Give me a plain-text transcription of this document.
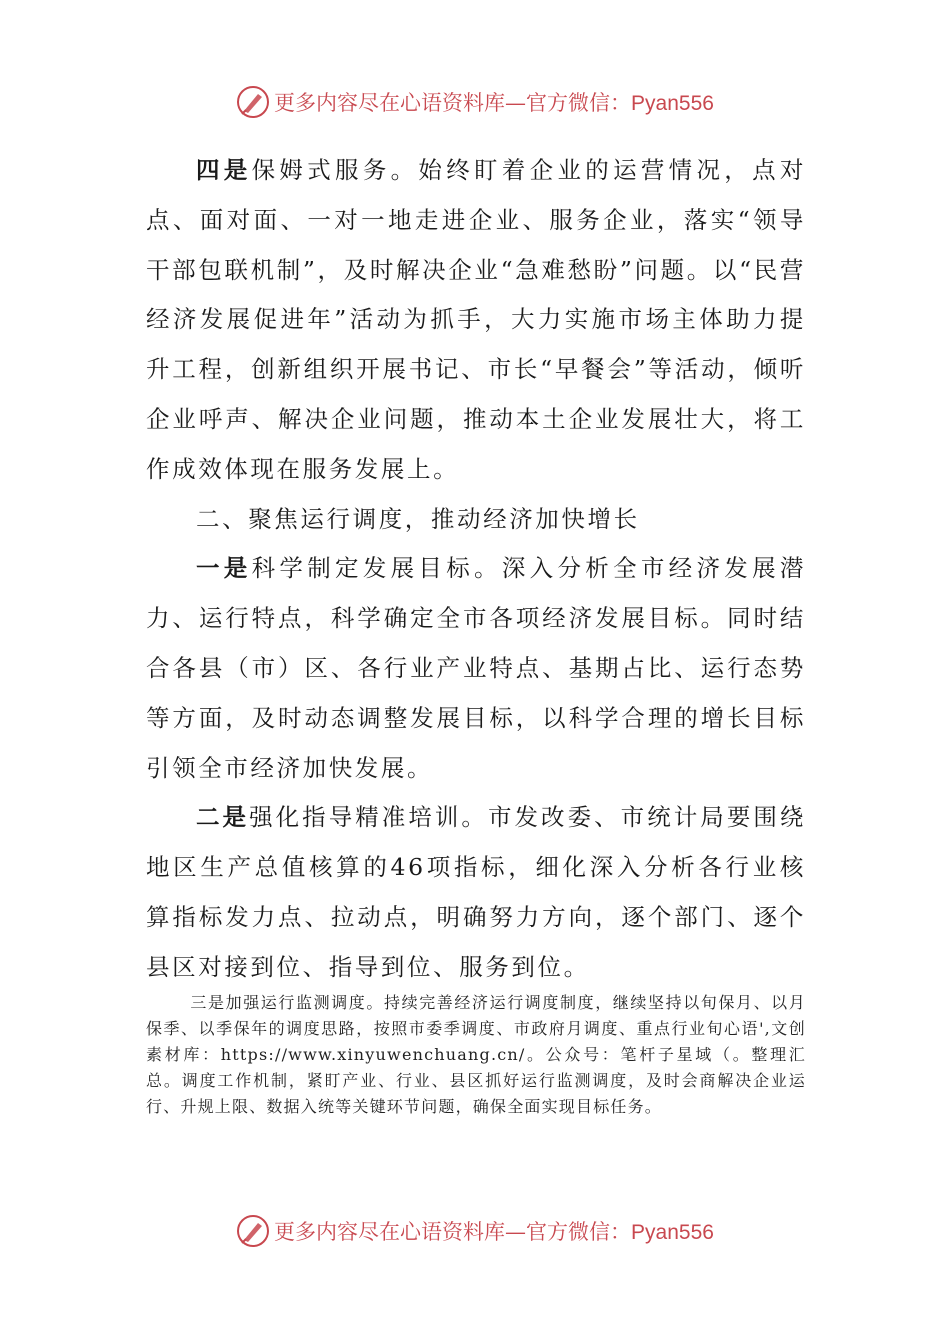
更多内容尽在心语资料库—官方微信：Pyan556

四是保姆式服务。始终盯着企业的运营情况，点对点、面对面、一对一地走进企业、服务企业，落实“领导干部包联机制”，及时解决企业“急难愁盼”问题。以“民营经济发展促进年”活动为抓手，大力实施市场主体助力提升工程，创新组织开展书记、市长“早餐会”等活动，倾听企业呼声、解决企业问题，推动本土企业发展壮大，将工作成效体现在服务发展上。

二、聚焦运行调度，推动经济加快增长

一是科学制定发展目标。深入分析全市经济发展潜力、运行特点，科学确定全市各项经济发展目标。同时结合各县（市）区、各行业产业特点、基期占比、运行态势等方面，及时动态调整发展目标，以科学合理的增长目标引领全市经济加快发展。

二是强化指导精准培训。市发改委、市统计局要围绕地区生产总值核算的46项指标，细化深入分析各行业核算指标发力点、拉动点，明确努力方向，逐个部门、逐个县区对接到位、指导到位、服务到位。

三是加强运行监测调度。持续完善经济运行调度制度，继续坚持以旬保月、以月保季、以季保年的调度思路，按照市委季调度、市政府月调度、重点行业旬心语',文创素材库：https://www.xinyuwenchuang.cn/。公众号：笔杆子星域（。整理汇总。调度工作机制，紧盯产业、行业、县区抓好运行监测调度，及时会商解决企业运行、升规上限、数据入统等关键环节问题，确保全面实现目标任务。
更多内容尽在心语资料库—官方微信：Pyan556
